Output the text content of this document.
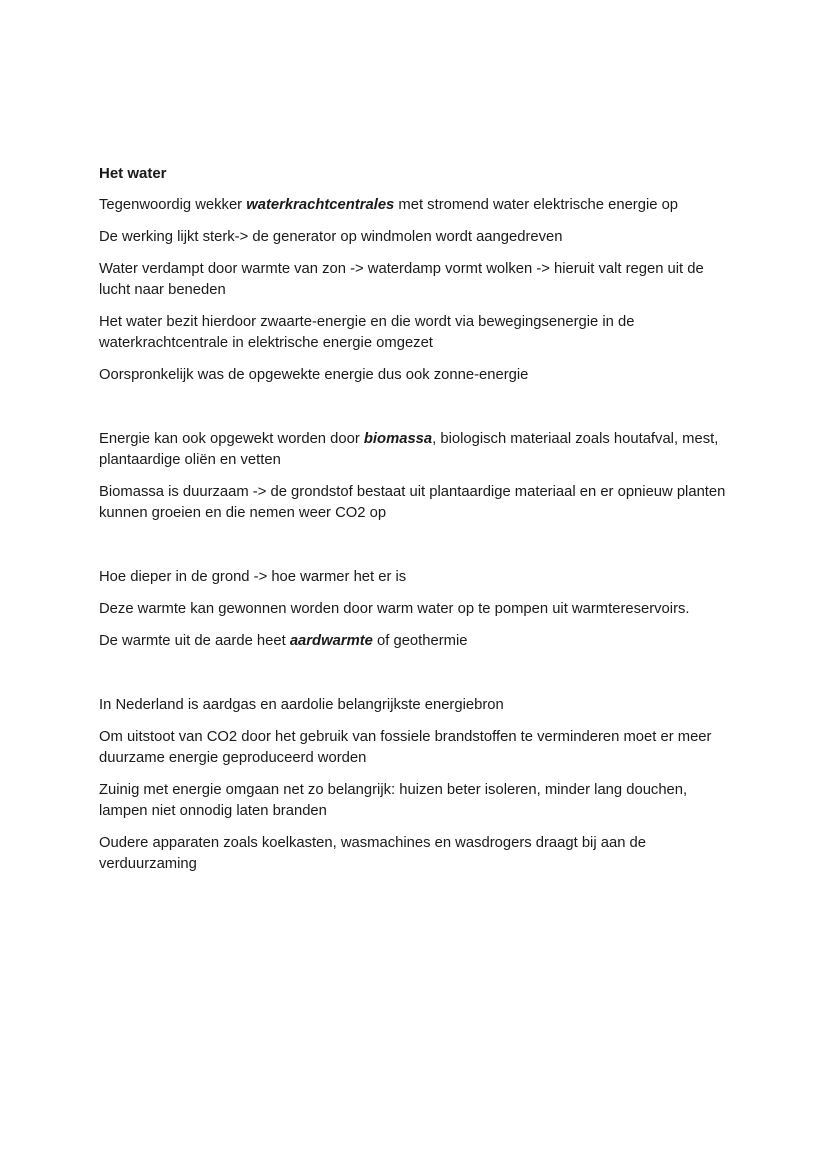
Het water

Tegenwoordig wekker waterkrachtcentrales met stromend water elektrische energie op

De werking lijkt sterk-> de generator op windmolen wordt aangedreven

Water verdampt door warmte van zon -> waterdamp vormt wolken -> hieruit valt regen uit de lucht naar beneden

Het water bezit hierdoor zwaarte-energie en die wordt via bewegingsenergie in de waterkrachtcentrale in elektrische energie omgezet

Oorspronkelijk was de opgewekte energie dus ook zonne-energie

Energie kan ook opgewekt worden door biomassa, biologisch materiaal zoals houtafval, mest, plantaardige oliën en vetten

Biomassa is duurzaam -> de grondstof bestaat uit plantaardige materiaal en er opnieuw planten kunnen groeien en die nemen weer CO2 op

Hoe dieper in de grond -> hoe warmer het er is

Deze warmte kan gewonnen worden door warm water op te pompen uit warmtereservoirs.

De warmte uit de aarde heet aardwarmte of geothermie

In Nederland is aardgas en aardolie belangrijkste energiebron

Om uitstoot van CO2 door het gebruik van fossiele brandstoffen te verminderen moet er meer duurzame energie geproduceerd worden

Zuinig met energie omgaan net zo belangrijk: huizen beter isoleren, minder lang douchen, lampen niet onnodig laten branden

Oudere apparaten zoals koelkasten, wasmachines en wasdrogers draagt bij aan de verduurzaming
